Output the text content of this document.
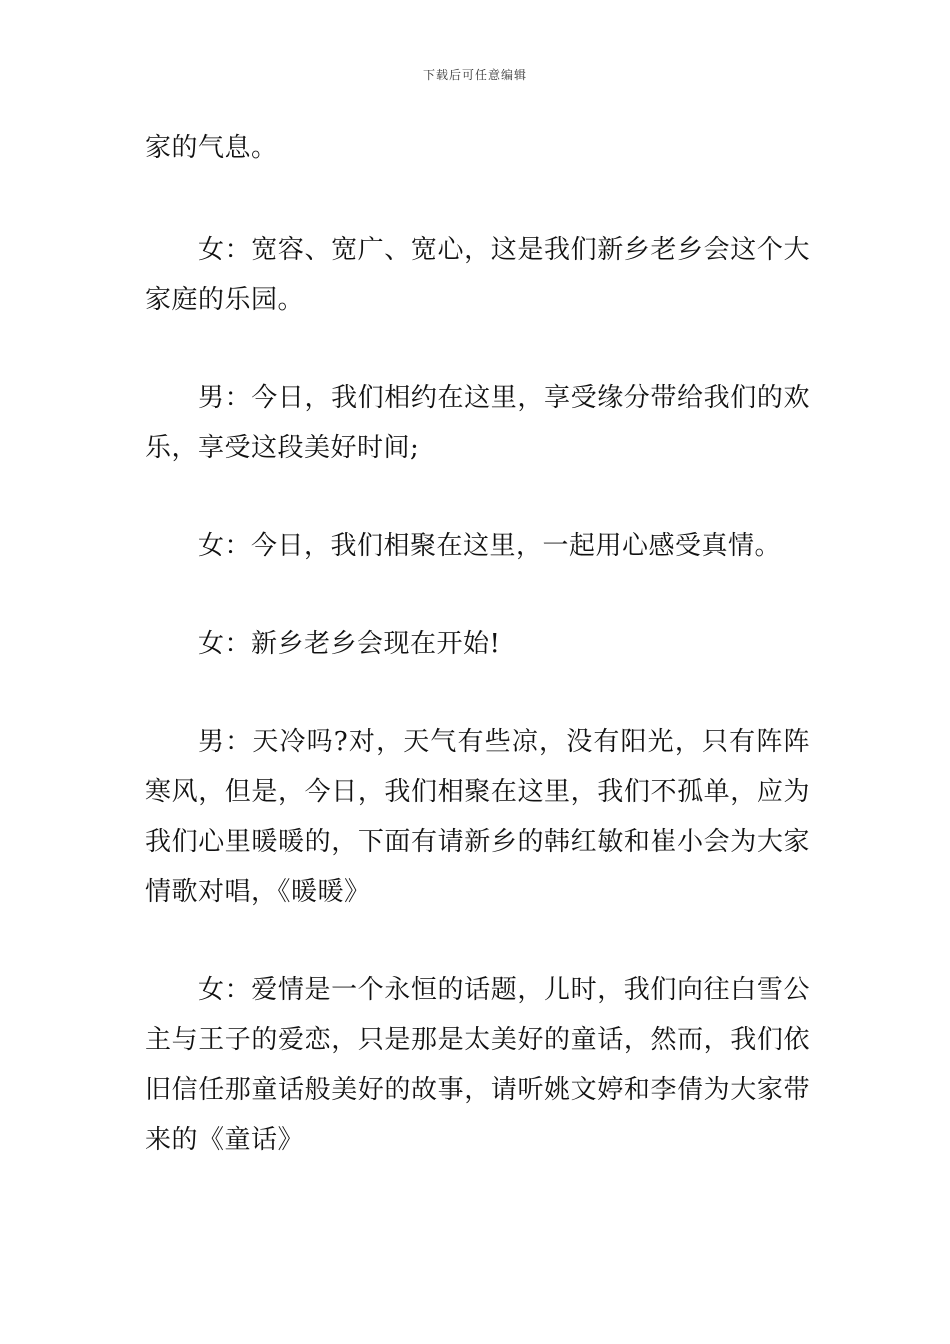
下载后可任意编辑

家的气息。

女：宽容、宽广、宽心，这是我们新乡老乡会这个大家庭的乐园。

男：今日，我们相约在这里，享受缘分带给我们的欢乐，享受这段美好时间;

女：今日，我们相聚在这里，一起用心感受真情。

女：新乡老乡会现在开始!

男：天冷吗?对，天气有些凉，没有阳光，只有阵阵寒风，但是，今日，我们相聚在这里，我们不孤单，应为我们心里暖暖的，下面有请新乡的韩红敏和崔小会为大家情歌对唱，《暖暖》

女：爱情是一个永恒的话题，儿时，我们向往白雪公主与王子的爱恋，只是那是太美好的童话，然而，我们依旧信任那童话般美好的故事，请听姚文婷和李倩为大家带来的《童话》
